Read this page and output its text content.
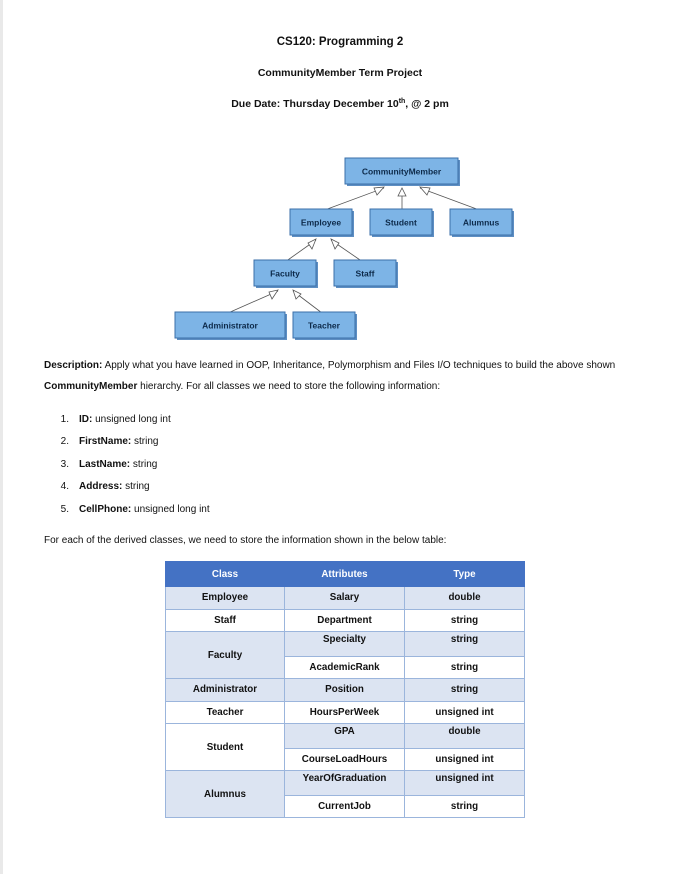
CS120: Programming 2
CommunityMember Term Project
Due Date: Thursday December 10th, @ 2 pm
CommunityMember
Employee	Student	Alumnus
Faculty	Staff
Administrator	Teacher
Description: Apply what you have learned in OOP, Inheritance, Polymorphism and Files I/O techniques to build the above shown CommunityMember hierarchy. For all classes we need to store the following information:
1. ID: unsigned long int
2. FirstName: string
3. LastName: string
4. Address: string
5. CellPhone: unsigned long int
For each of the derived classes, we need to store the information shown in the below table:
Class	Attributes	Type
Employee	Salary	double
Staff	Department	string
Faculty	Specialty	string
	AcademicRank	string
Administrator	Position	string
Teacher	HoursPerWeek	unsigned int
Student	GPA	double
	CourseLoadHours	unsigned int
Alumnus	YearOfGraduation	unsigned int
	CurrentJob	string
